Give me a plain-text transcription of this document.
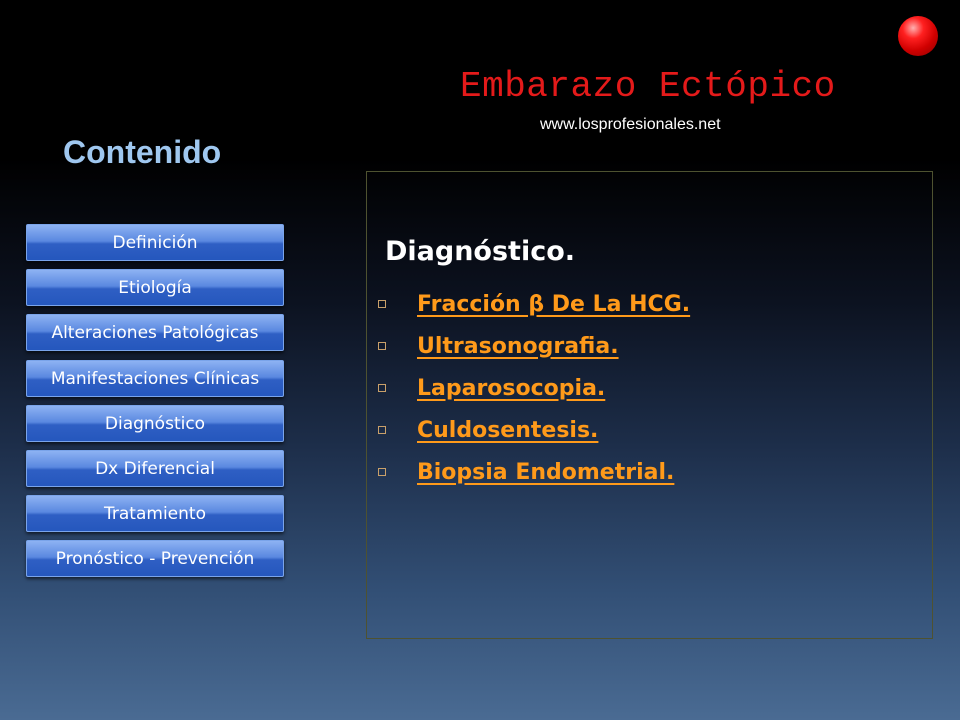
Embarazo Ectópico
www.losprofesionales.net
Contenido
Definición
Etiología
Alteraciones Patológicas
Manifestaciones Clínicas
Diagnóstico
Dx Diferencial
Tratamiento
Pronóstico - Prevención
Diagnóstico.
Fracción β De La HCG.
Ultrasonografia.
Laparosocopia.
Culdosentesis.
Biopsia Endometrial.
